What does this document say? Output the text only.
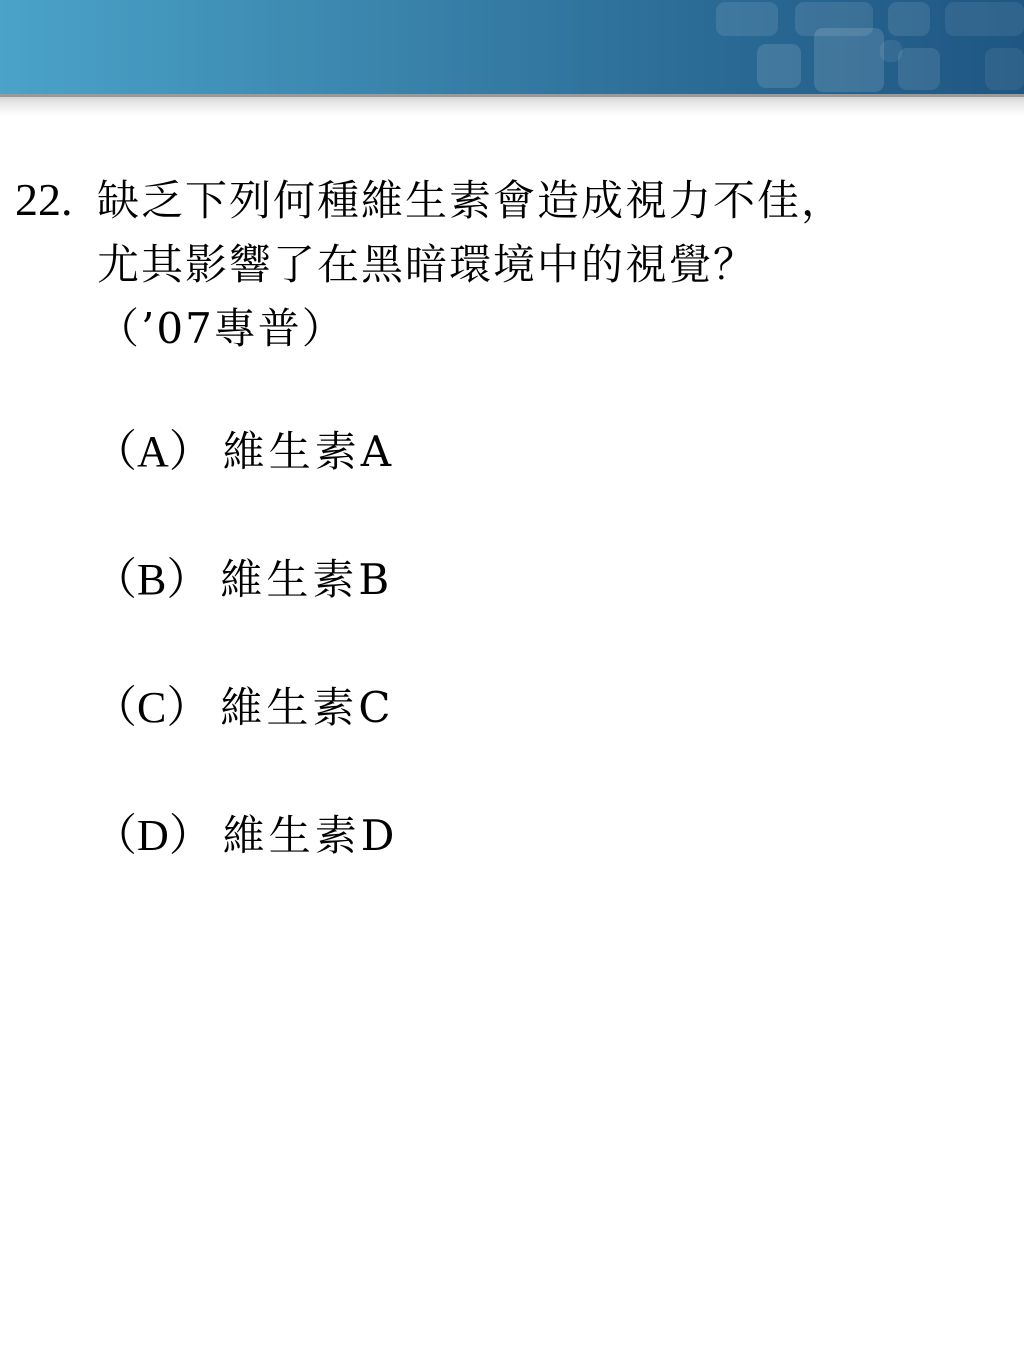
22. 缺乏下列何種維生素會造成視力不佳，
尤其影響了在黑暗環境中的視覺？
（’07專普）
（A） 維生素A
（B） 維生素B
（C） 維生素C
（D） 維生素D
